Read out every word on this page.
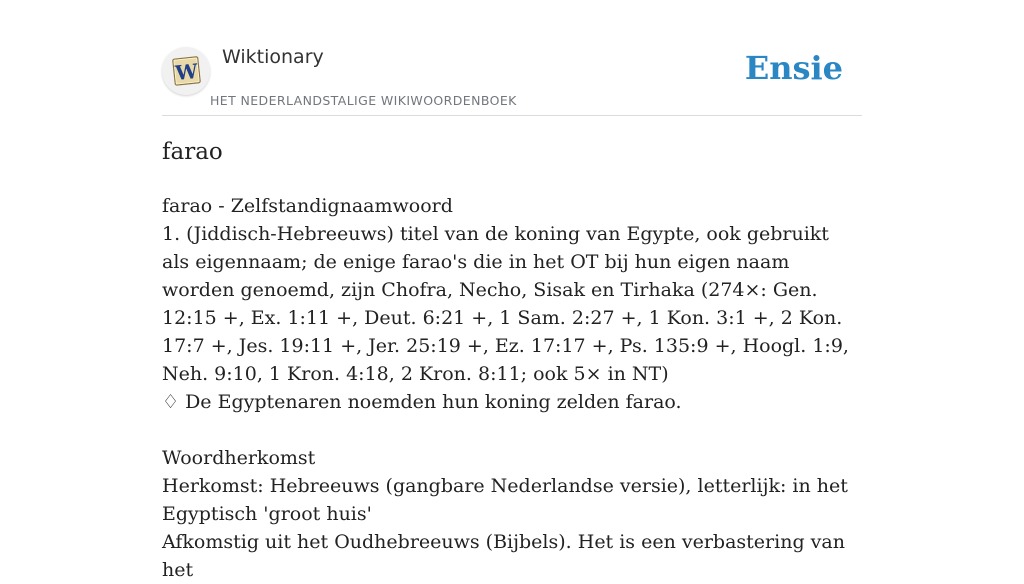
W
Wiktionary
HET NEDERLANDSTALIGE WIKIWOORDENBOEK
Ensie
farao

farao - Zelfstandignaamwoord

1. (Jiddisch-Hebreeuws) titel van de koning van Egypte, ook gebruikt als eigennaam; de enige farao's die in het OT bij hun eigen naam worden genoemd, zijn Chofra, Necho, Sisak en Tirhaka (274×: Gen. 12:15 +, Ex. 1:11 +, Deut. 6:21 +, 1 Sam. 2:27 +, 1 Kon. 3:1 +, 2 Kon. 17:7 +, Jes. 19:11 +, Jer. 25:19 +, Ez. 17:17 +, Ps. 135:9 +, Hoogl. 1:9, Neh. 9:10, 1 Kron. 4:18, 2 Kron. 8:11; ook 5× in NT)

♢ De Egyptenaren noemden hun koning zelden farao.

Woordherkomst

Herkomst: Hebreeuws (gangbare Nederlandse versie), letterlijk: in het Egyptisch 'groot huis'

Afkomstig uit het Oudhebreeuws (Bijbels). Het is een verbastering van het
